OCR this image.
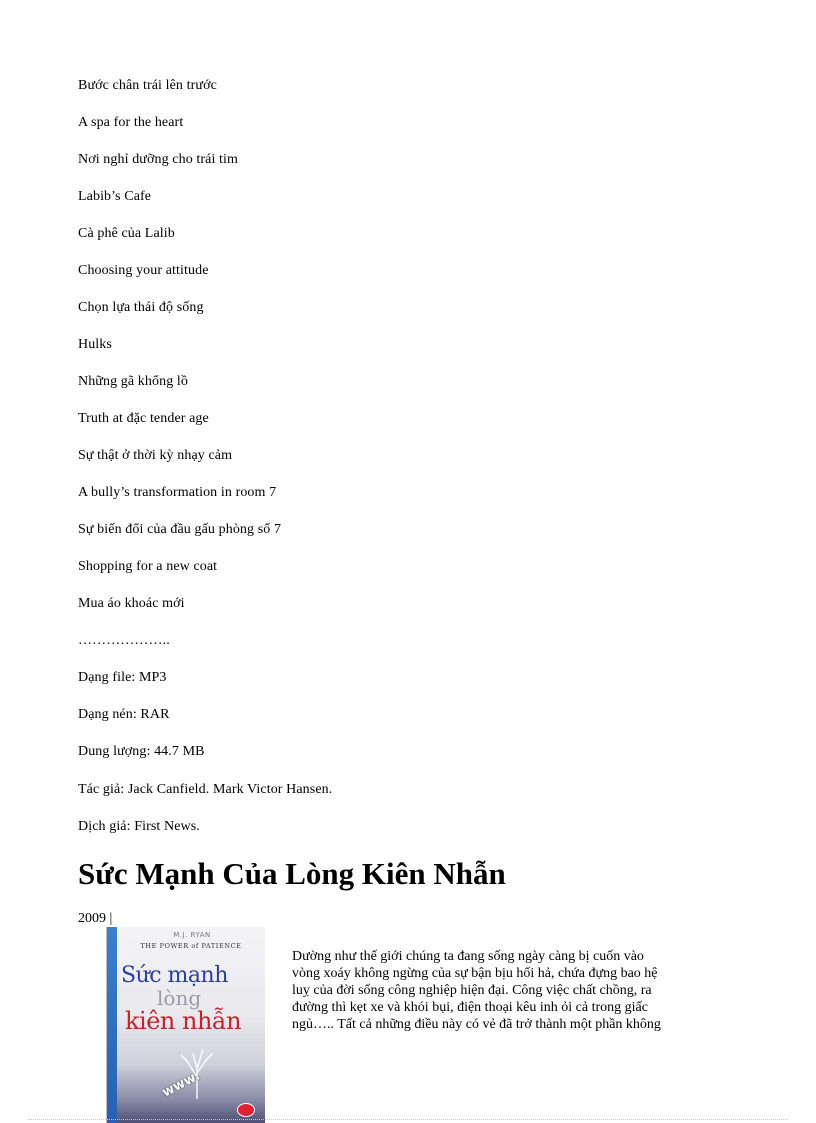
Bước chân trái lên trước
A spa for the heart
Nơi nghỉ dưỡng cho trái tim
Labib’s Cafe
Cà phê của Lalib
Choosing your attitude
Chọn lựa thái độ sống
Hulks
Những gã khổng lồ
Truth at đặc tender age
Sự thật ở thời kỳ nhạy cảm
A bully’s transformation in room 7
Sự biến đổi của đầu gấu phòng số 7
Shopping for a new coat
Mua áo khoác mới
………………..
Dạng file: MP3
Dạng nén: RAR
Dung lượng: 44.7 MB
Tác giả: Jack Canfield. Mark Victor Hansen.
Dịch giả: First News.
Sức Mạnh Của Lòng Kiên Nhẫn
2009 |
M.J. RYAN
THE POWER of PATIENCE
Sức mạnh
lòng
kiên nhẫn
www.
Dường như thế giới chúng ta đang sống ngày càng bị cuốn vào
vòng xoáy không ngừng của sự bận bịu hối hả, chứa đựng bao hệ
luỵ của đời sống công nghiệp hiện đại. Công việc chất chồng, ra
đường thì kẹt xe và khói bụi, điện thoại kêu inh ỏi cả trong giấc
ngủ….. Tất cả những điều này có vẻ đã trở thành một phần không
